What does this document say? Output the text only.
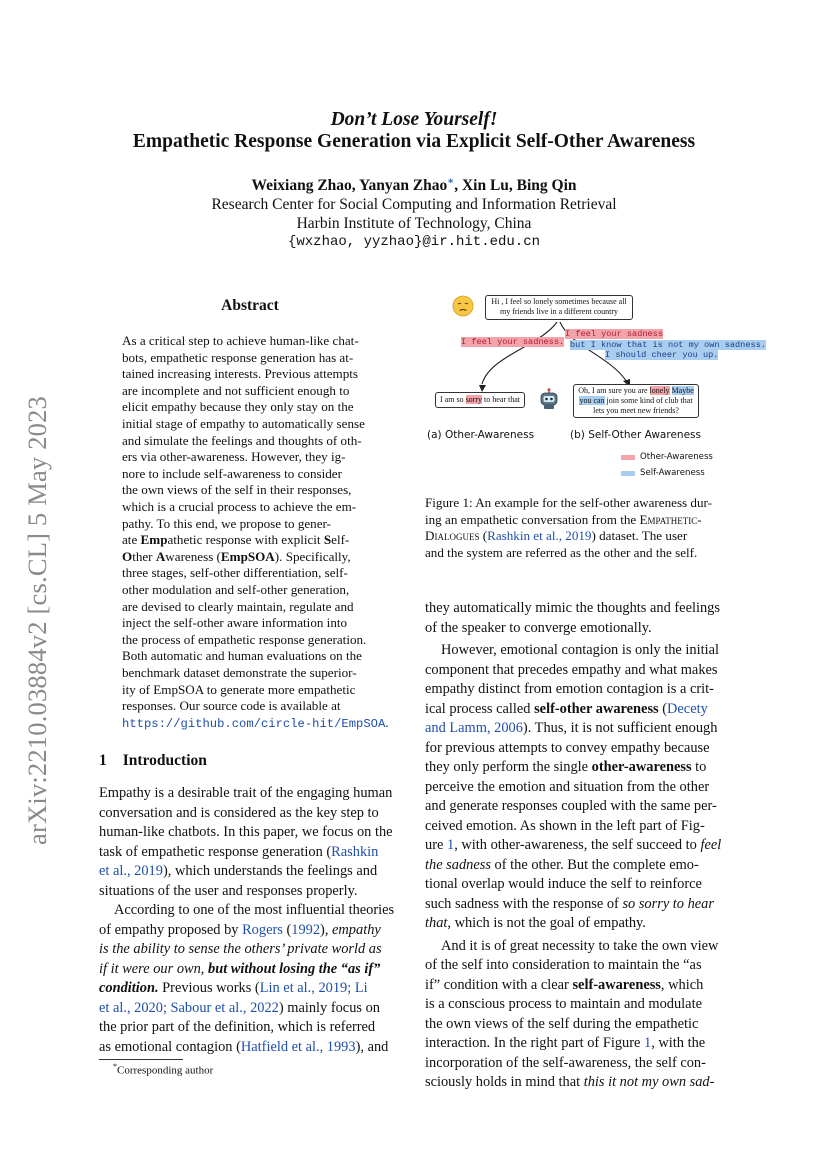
arXiv:2210.03884v2 [cs.CL] 5 May 2023
Don’t Lose Yourself!
Empathetic Response Generation via Explicit Self-Other Awareness
Weixiang Zhao, Yanyan Zhao∗, Xin Lu, Bing Qin
Research Center for Social Computing and Information Retrieval
Harbin Institute of Technology, China
{wxzhao, yyzhao}@ir.hit.edu.cn
Abstract
As a critical step to achieve human-like chat-
bots, empathetic response generation has at-
tained increasing interests. Previous attempts
are incomplete and not sufficient enough to
elicit empathy because they only stay on the
initial stage of empathy to automatically sense
and simulate the feelings and thoughts of oth-
ers via other-awareness. However, they ig-
nore to include self-awareness to consider
the own views of the self in their responses,
which is a crucial process to achieve the em-
pathy. To this end, we propose to gener-
ate Empathetic response with explicit Self-
Other Awareness (EmpSOA). Specifically,
three stages, self-other differentiation, self-
other modulation and self-other generation,
are devised to clearly maintain, regulate and
inject the self-other aware information into
the process of empathetic response generation.
Both automatic and human evaluations on the
benchmark dataset demonstrate the superior-
ity of EmpSOA to generate more empathetic
responses. Our source code is available at
https://github.com/circle-hit/EmpSOA.
1 Introduction
Empathy is a desirable trait of the engaging human
conversation and is considered as the key step to
human-like chatbots. In this paper, we focus on the
task of empathetic response generation (Rashkin
et al., 2019), which understands the feelings and
situations of the user and responses properly.
According to one of the most influential theories
of empathy proposed by Rogers (1992), empathy
is the ability to sense the others’ private world as
if it were our own, but without losing the “as if”
condition. Previous works (Lin et al., 2019; Li
et al., 2020; Sabour et al., 2022) mainly focus on
the prior part of the definition, which is referred
as emotional contagion (Hatfield et al., 1993), and
*Corresponding author
Hi , I feel so lonely sometimes because all
my friends live in a different country
I feel your sadness.
I feel your sadness
but I know that is not my own sadness.
I should cheer you up.
I am so sorry to hear that
Oh, I am sure you are lonely Maybe
you can join some kind of club that
lets you meet new friends?
(a) Other-Awareness	(b) Self-Other Awareness
Other-Awareness
Self-Awareness
Figure 1: An example for the self-other awareness dur-
ing an empathetic conversation from the Empathetic-
Dialogues (Rashkin et al., 2019) dataset. The user
and the system are referred as the other and the self.
they automatically mimic the thoughts and feelings
of the speaker to converge emotionally.
However, emotional contagion is only the initial
component that precedes empathy and what makes
empathy distinct from emotion contagion is a crit-
ical process called self-other awareness (Decety
and Lamm, 2006). Thus, it is not sufficient enough
for previous attempts to convey empathy because
they only perform the single other-awareness to
perceive the emotion and situation from the other
and generate responses coupled with the same per-
ceived emotion. As shown in the left part of Fig-
ure 1, with other-awareness, the self succeed to feel
the sadness of the other. But the complete emo-
tional overlap would induce the self to reinforce
such sadness with the response of so sorry to hear
that, which is not the goal of empathy.
And it is of great necessity to take the own view
of the self into consideration to maintain the “as
if” condition with a clear self-awareness, which
is a conscious process to maintain and modulate
the own views of the self during the empathetic
interaction. In the right part of Figure 1, with the
incorporation of the self-awareness, the self con-
sciously holds in mind that this it not my own sad-
